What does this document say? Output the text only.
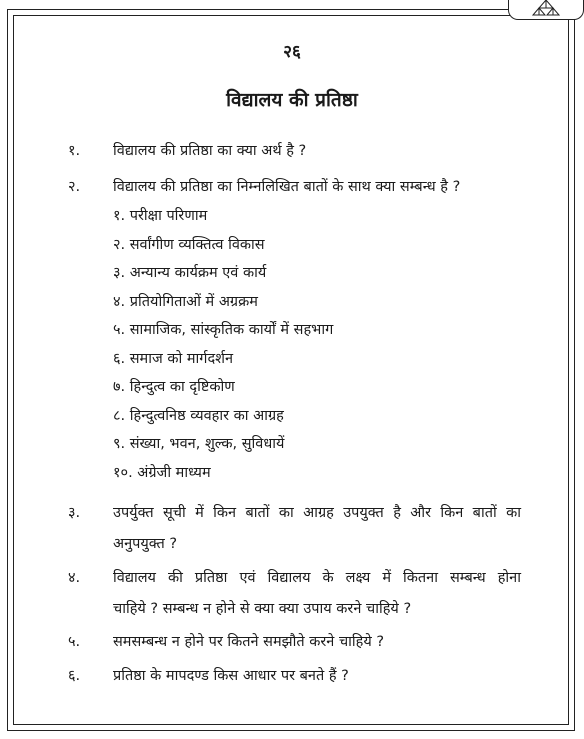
२६
विद्यालय की प्रतिष्ठा
१. विद्यालय की प्रतिष्ठा का क्या अर्थ है ?
२. विद्यालय की प्रतिष्ठा का निम्नलिखित बातों के साथ क्या सम्बन्ध है ?
१. परीक्षा परिणाम
२. सर्वांगीण व्यक्तित्व विकास
३. अन्यान्य कार्यक्रम एवं कार्य
४. प्रतियोगिताओं में अग्रक्रम
५. सामाजिक, सांस्कृतिक कार्यों में सहभाग
६. समाज को मार्गदर्शन
७. हिन्दुत्व का दृष्टिकोण
८. हिन्दुत्वनिष्ठ व्यवहार का आग्रह
९. संख्या, भवन, शुल्क, सुविधायें
१०. अंग्रेजी माध्यम
३. उपर्युक्त सूची में किन बातों का आग्रह उपयुक्त है और किन बातों का
अनुपयुक्त ?
४. विद्यालय की प्रतिष्ठा एवं विद्यालय के लक्ष्य में कितना सम्बन्ध होना
चाहिये ? सम्बन्ध न होने से क्या क्या उपाय करने चाहिये ?
५. समसम्बन्ध न होने पर कितने समझौते करने चाहिये ?
६. प्रतिष्ठा के मापदण्ड किस आधार पर बनते हैं ?
